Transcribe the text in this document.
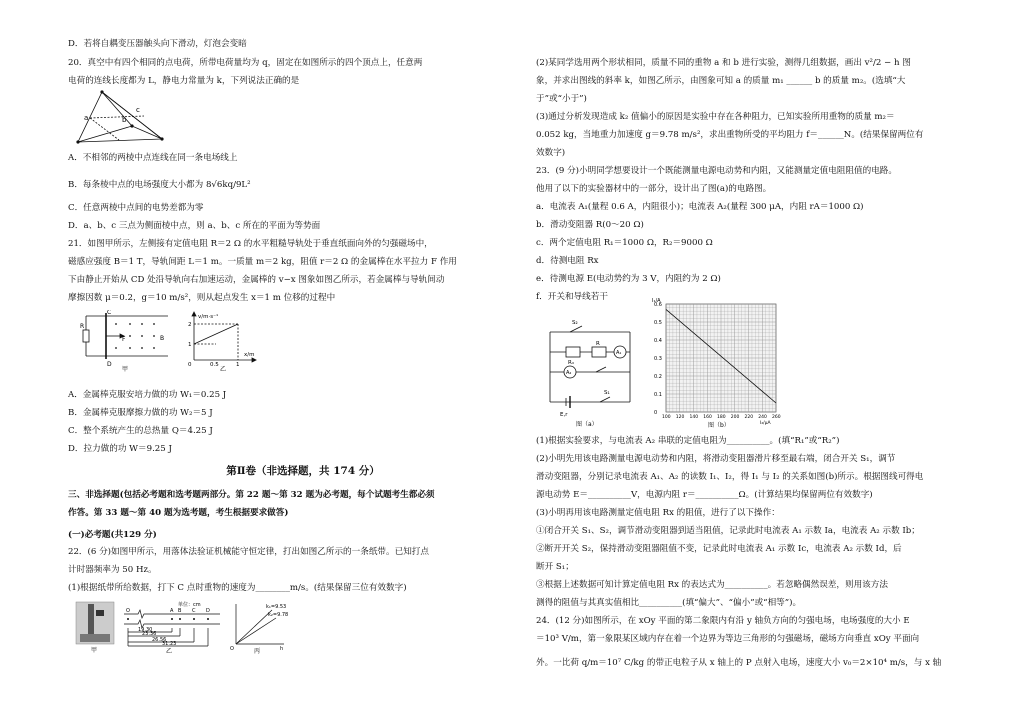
D．若将自耦变压器触头向下滑动，灯泡会变暗
20．真空中有四个相同的点电荷，所带电荷量均为 q，固定在如图所示的四个顶点上，任意两
电荷的连线长度都为 L，静电力常量为 k，下列说法正确的是
a	b
c
A．不相邻的两棱中点连线在同一条电场线上
B．每条棱中点的电场强度大小都为 8√6kq/9L²
C．任意两棱中点间的电势差都为零
D．a、b、c 三点为侧面棱中点，则 a、b、c 所在的平面为等势面
21．如图甲所示，左侧接有定值电阻 R＝2 Ω 的水平粗糙导轨处于垂直纸面向外的匀强磁场中，
磁感应强度 B＝1 T，导轨间距 L＝1 m。一质量 m＝2 kg，阻值 r＝2 Ω 的金属棒在水平拉力 F 作用
下由静止开始从 CD 处沿导轨向右加速运动，金属棒的 v−x 图象如图乙所示，若金属棒与导轨间动
摩擦因数 μ＝0.2，g＝10 m/s²，则从起点发生 x＝1 m 位移的过程中
C
D
R
F	B
甲
v/m·s⁻¹
2
1
0	0.5	1
x/m
乙
A．金属棒克服安培力做的功 W₁＝0.25 J
B．金属棒克服摩擦力做的功 W₂＝5 J
C．整个系统产生的总热量 Q＝4.25 J
D．拉力做的功 W＝9.25 J
第Ⅱ卷（非选择题，共 174 分）
三、非选择题(包括必考题和选考题两部分。第 22 题～第 32 题为必考题，每个试题考生都必须
作答。第 33 题～第 40 题为选考题，考生根据要求做答)
(一)必考题(共129 分)
22．(6 分)如图甲所示，用落体法验证机械能守恒定律，打出如图乙所示的一条纸带。已知打点
计时器频率为 50 Hz。
(1)根据纸带所给数据，打下 C 点时重物的速度为________m/s。(结果保留三位有效数字)
甲
单位：cm
O	A B C D
19.30
23.36
26.56
31.23
乙
k₁=9.53
k₂=9.78
O	h
丙
(2)某同学选用两个形状相同，质量不同的重物 a 和 b 进行实验，测得几组数据，画出 v²/2 − h 图
象，并求出图线的斜率 k，如图乙所示，由图象可知 a 的质量 m₁ ______ b 的质量 m₂。(选填“大
于”或“小于”)
(3)通过分析发现造成 k₂ 值偏小的原因是实验中存在各种阻力，已知实验所用重物的质量 m₂＝
0.052 kg，当地重力加速度 g＝9.78 m/s²，求出重物所受的平均阻力 f＝______N。(结果保留两位有
效数字)
23．(9 分)小明同学想要设计一个既能测量电源电动势和内阻，又能测量定值电阻阻值的电路。
他用了以下的实验器材中的一部分，设计出了图(a)的电路图。
a．电流表 A₁(量程 0.6 A，内阻很小)；电流表 A₂(量程 300 μA，内阻 rA＝1000 Ω)
b．滑动变阻器 R(0～20 Ω)
c．两个定值电阻 R₁＝1000 Ω，R₂＝9000 Ω
d．待测电阻 Rx
e．待测电源 E(电动势约为 3 V，内阻约为 2 Ω)
f．开关和导线若干
S₂
Rₓ
R
A₁
A₂
S₁
E,r
图（a）
0.6
0.5
0.4
0.3
0.2
0.1
0
100 120 140 160 180 200 220 240 260
I₁/A
I₂/μA
图（b）
(1)根据实验要求，与电流表 A₂ 串联的定值电阻为__________。(填“R₁”或“R₂”)
(2)小明先用该电路测量电源电动势和内阻，将滑动变阻器滑片移至最右端，闭合开关 S₁，调节
滑动变阻器，分别记录电流表 A₁、A₂ 的读数 I₁、I₂，得 I₁ 与 I₂ 的关系如图(b)所示。根据图线可得电
源电动势 E＝__________V，电源内阻 r＝__________Ω。(计算结果均保留两位有效数字)
(3)小明再用该电路测量定值电阻 Rx 的阻值，进行了以下操作：
①闭合开关 S₁、S₂，调节滑动变阻器到适当阻值，记录此时电流表 A₁ 示数 Ia，电流表 A₂ 示数 Ib；
②断开开关 S₂，保持滑动变阻器阻值不变，记录此时电流表 A₁ 示数 Ic，电流表 A₂ 示数 Id，后
断开 S₁；
③根据上述数据可知计算定值电阻 Rx 的表达式为__________。若忽略偶然误差，则用该方法
测得的阻值与其真实值相比__________(填“偏大”、“偏小”或“相等”)。
24．(12 分)如图所示，在 xOy 平面的第二象限内有沿 y 轴负方向的匀强电场，电场强度的大小 E
＝10³ V/m，第一象限某区域内存在着一个边界为等边三角形的匀强磁场，磁场方向垂直 xOy 平面向
外。一比荷 q/m＝10⁷ C/kg 的带正电粒子从 x 轴上的 P 点射入电场，速度大小 v₀＝2×10⁴ m/s，与 x 轴
